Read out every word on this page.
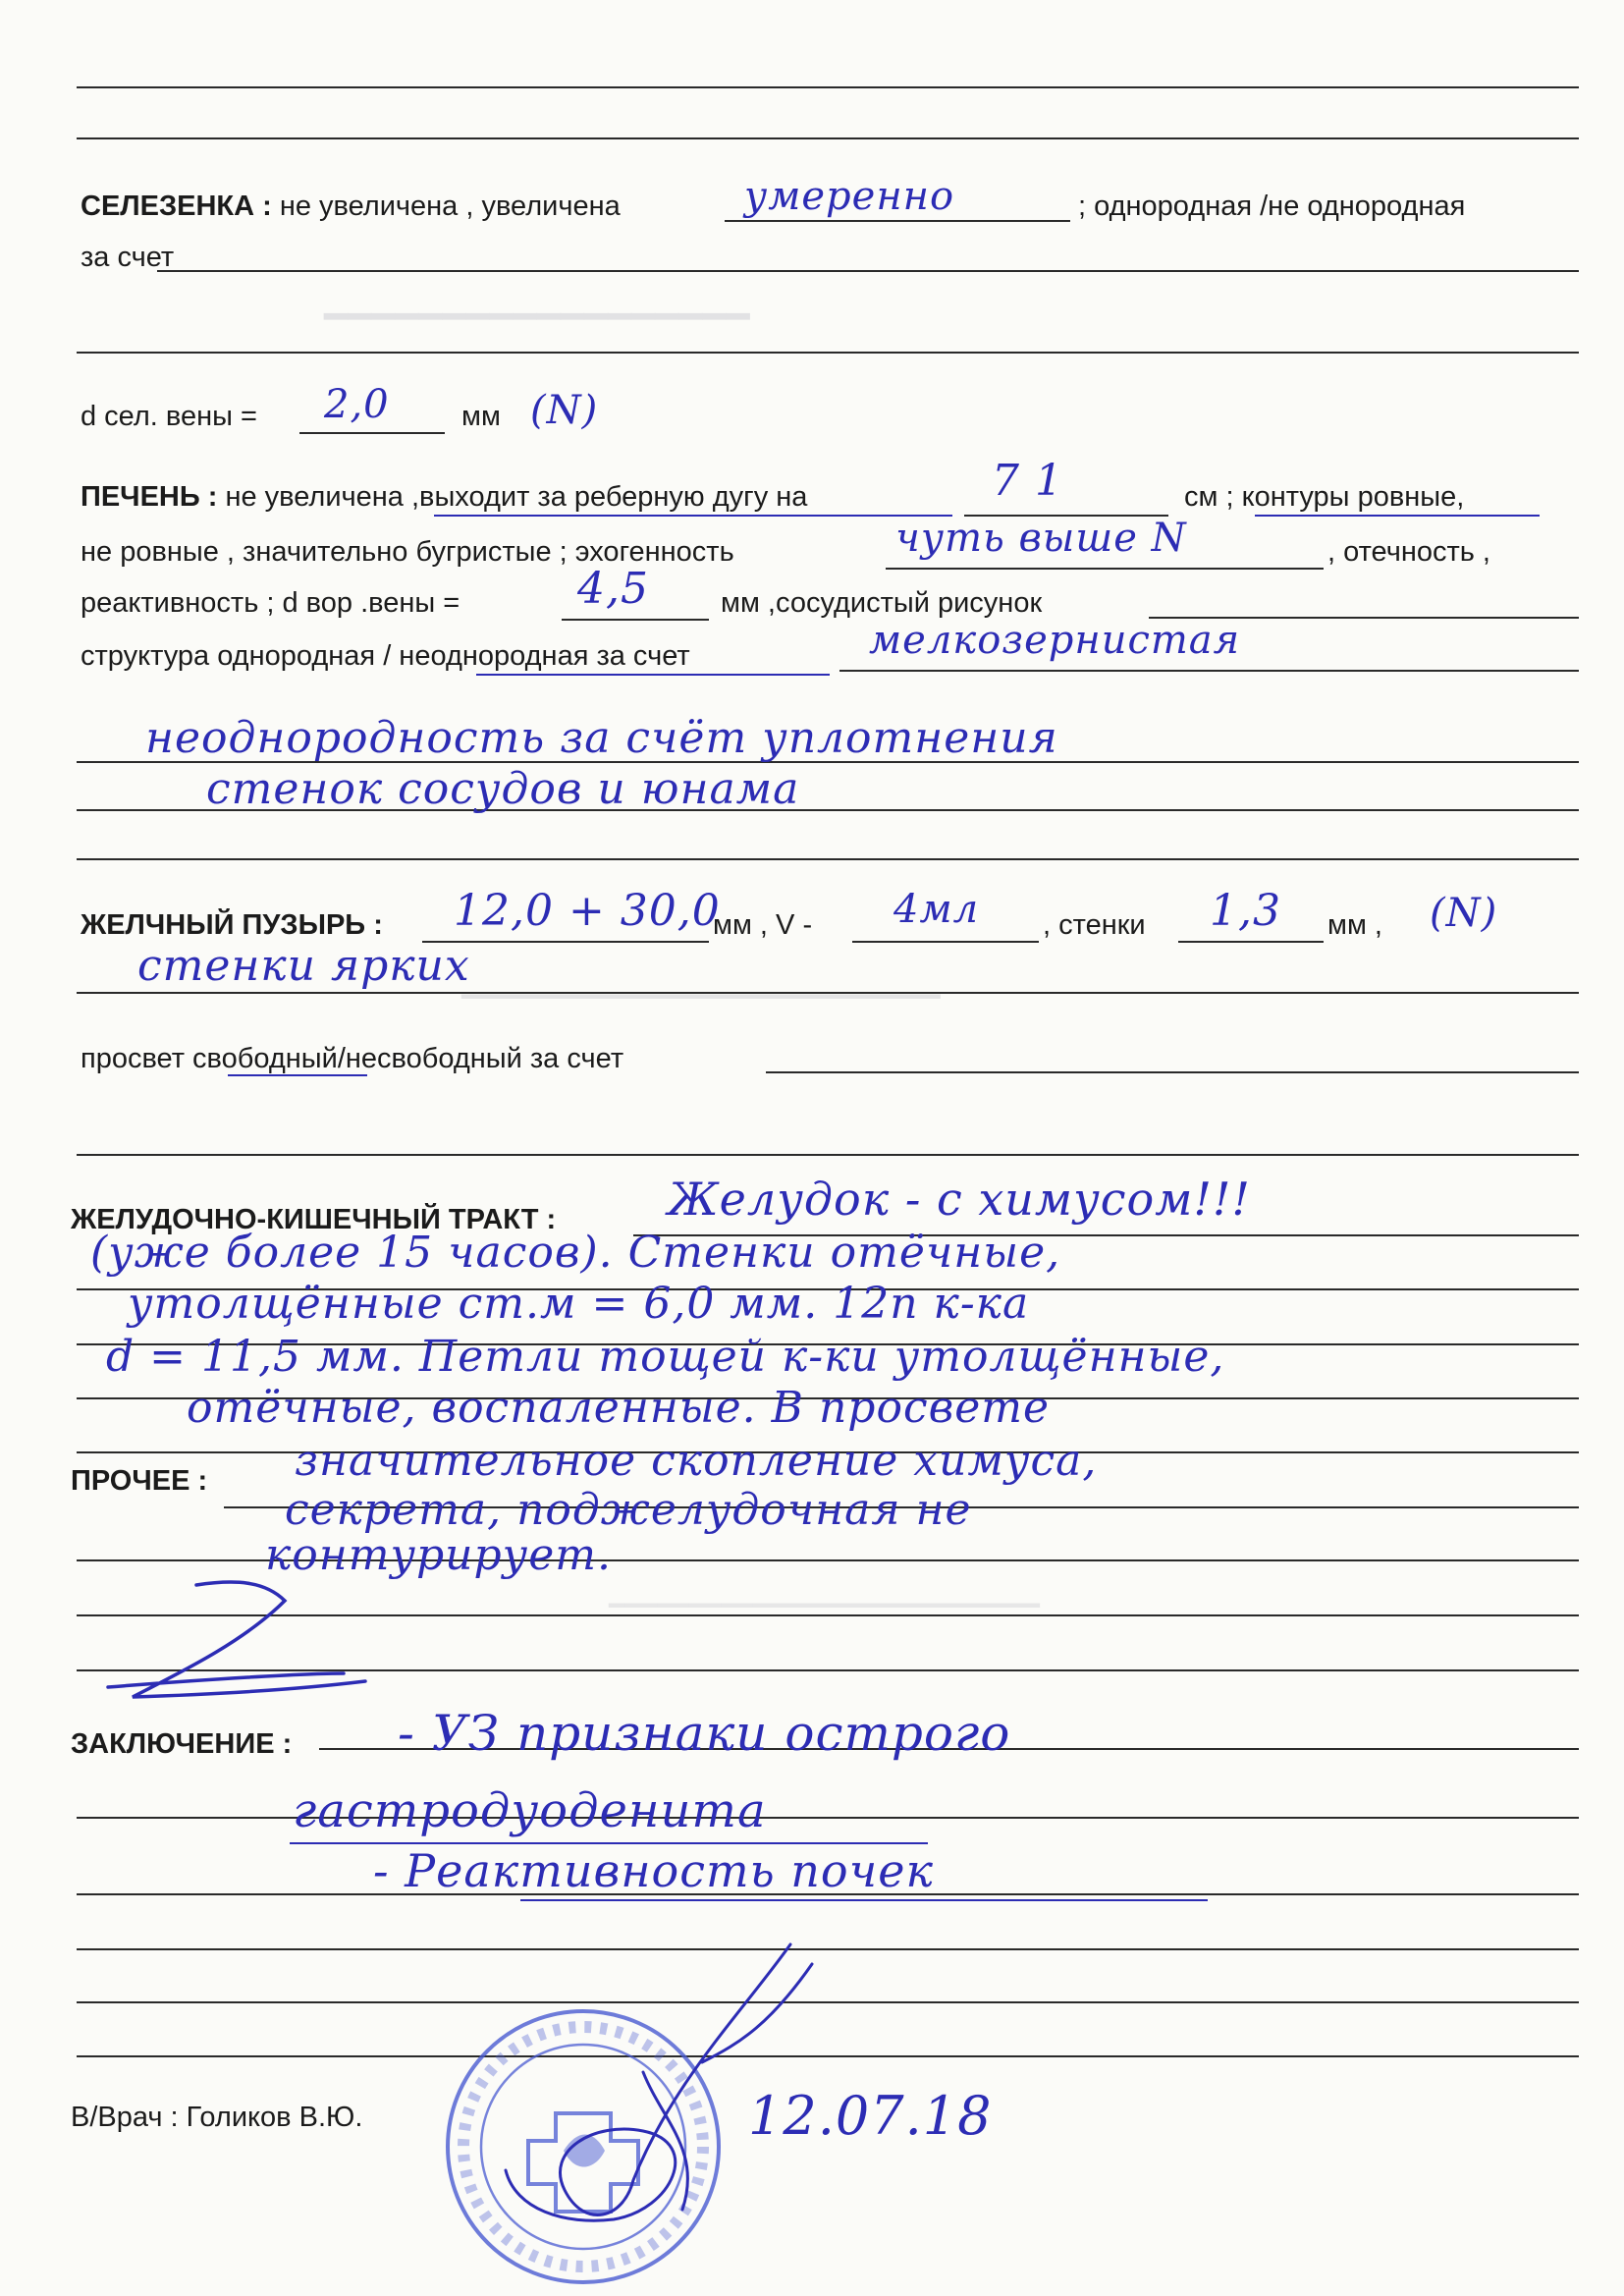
━━━━━━━━━━━━━━━━━━
━━━━━━━━━━━━━━━━━━━━━━━━━━━━━━
━━━━━━━━━━━━━━━━━━━━━━━━━━━
СЕЛЕЗЕНКА : не увеличена , увеличена	умеренно	; однородная /не однородная
за счет
d сел. вены = 2,0	мм (N)
ПЕЧЕНЬ : не увеличена ,выходит за реберную дугу на	7 1	см ; контуры ровные,
не ровные , значительно бугристые ; эхогенность	чуть выше N	, отечность ,
реактивность ; d вор .вены =	4,5	мм ,сосудистый рисунок
структура однородная / неоднородная за счет	мелкозернистая
неоднородность за счёт уплотнения
стенок сосудов и юнама
ЖЕЛЧНЫЙ ПУЗЫРЬ : 12,0 + 30,0
мм , V - 4мл , стенки 1,3 мм , (N)
стенки ярких
просвет свободный/несвободный за счет
ЖЕЛУДОЧНО-КИШЕЧНЫЙ ТРАКТ : Желудок - с химусом!!!
(уже более 15 часов). Стенки отёчные,
утолщённые ст.м = 6,0 мм. 12п к-ка
d = 11,5 мм. Петли тощей к-ки утолщённые,
отёчные, воспаленные. В просвете
значительное скопление химуса,
секрета, поджелудочная не
контурирует.
ПРОЧЕЕ :
ЗАКЛЮЧЕНИЕ : - УЗ признаки острого
гастродуоденита
- Реактивность почек
В/Врач : Голиков В.Ю.	12.07.18
